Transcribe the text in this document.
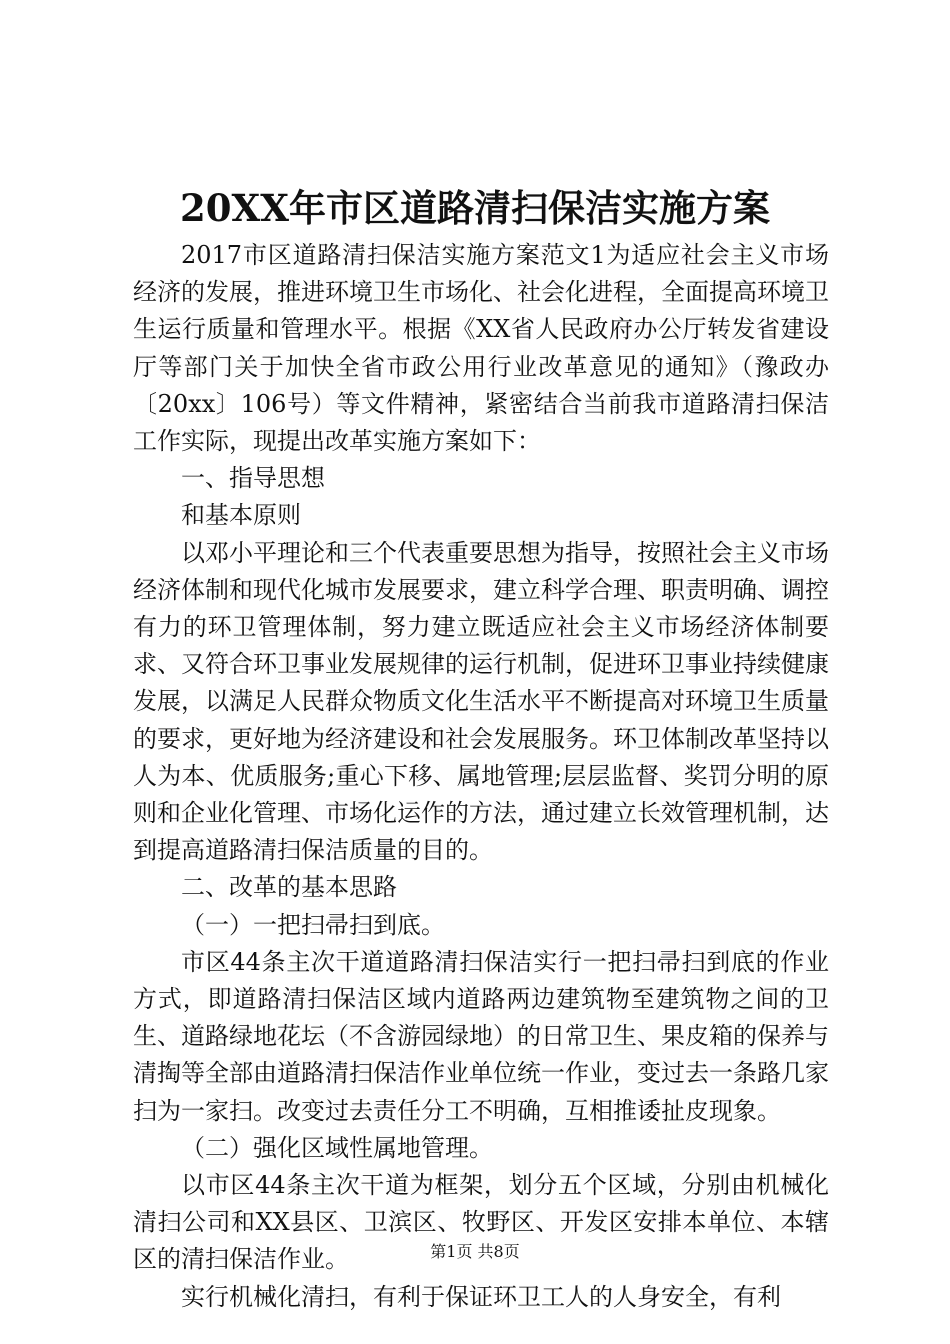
20XX年市区道路清扫保洁实施方案

2017市区道路清扫保洁实施方案范文1为适应社会主义市场经济的发展，推进环境卫生市场化、社会化进程，全面提高环境卫生运行质量和管理水平。根据《XX省人民政府办公厅转发省建设厅等部门关于加快全省市政公用行业改革意见的通知》（豫政办〔20xx〕106号）等文件精神，紧密结合当前我市道路清扫保洁工作实际，现提出改革实施方案如下：

一、指导思想

和基本原则

以邓小平理论和三个代表重要思想为指导，按照社会主义市场经济体制和现代化城市发展要求，建立科学合理、职责明确、调控有力的环卫管理体制，努力建立既适应社会主义市场经济体制要求、又符合环卫事业发展规律的运行机制，促进环卫事业持续健康发展，以满足人民群众物质文化生活水平不断提高对环境卫生质量的要求，更好地为经济建设和社会发展服务。环卫体制改革坚持以人为本、优质服务;重心下移、属地管理;层层监督、奖罚分明的原则和企业化管理、市场化运作的方法，通过建立长效管理机制，达到提高道路清扫保洁质量的目的。

二、改革的基本思路

（一）一把扫帚扫到底。

市区44条主次干道道路清扫保洁实行一把扫帚扫到底的作业方式，即道路清扫保洁区域内道路两边建筑物至建筑物之间的卫生、道路绿地花坛（不含游园绿地）的日常卫生、果皮箱的保养与清掏等全部由道路清扫保洁作业单位统一作业，变过去一条路几家扫为一家扫。改变过去责任分工不明确，互相推诿扯皮现象。

（二）强化区域性属地管理。

以市区44条主次干道为框架，划分五个区域，分别由机械化清扫公司和XX县区、卫滨区、牧野区、开发区安排本单位、本辖区的清扫保洁作业。

实行机械化清扫，有利于保证环卫工人的人身安全，有利

第1页 共8页
